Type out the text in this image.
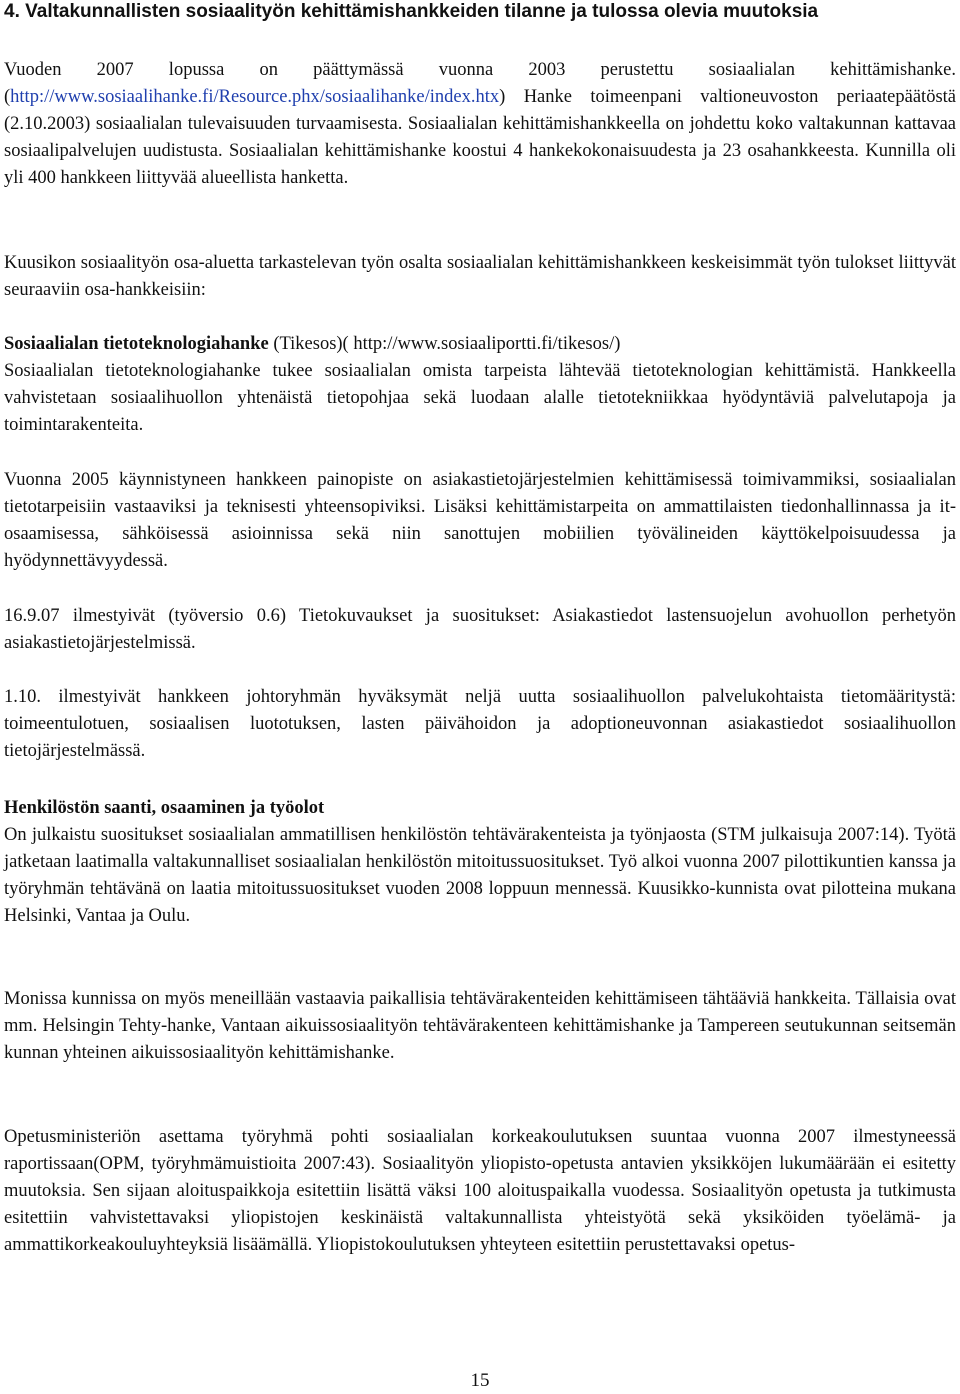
4. Valtakunnallisten sosiaalityön kehittämishankkeiden tilanne ja tulossa olevia muutoksia
Vuoden 2007 lopussa on päättymässä vuonna 2003 perustettu sosiaalialan kehittämishanke. (http://www.sosiaalihanke.fi/Resource.phx/sosiaalihanke/index.htx) Hanke toimeenpani valtioneuvoston periaatepäätöstä (2.10.2003) sosiaalialan tulevaisuuden turvaamisesta. Sosiaalialan kehittämishankkeella on johdettu koko valtakunnan kattavaa sosiaalipalvelujen uudistusta. Sosiaalialan kehittämishanke koostui 4 hankekokonaisuudesta ja 23 osahankkeesta. Kunnilla oli yli 400 hankkeen liittyvää alueellista hanketta.
Kuusikon sosiaalityön osa-aluetta tarkastelevan työn osalta sosiaalialan kehittämishankkeen keskeisimmät työn tulokset liittyvät seuraaviin osa-hankkeisiin:
Sosiaalialan tietoteknologiahanke (Tikesos)( http://www.sosiaaliportti.fi/tikesos/)
Sosiaalialan tietoteknologiahanke tukee sosiaalialan omista tarpeista lähtevää tietoteknologian kehittämistä. Hankkeella vahvistetaan sosiaalihuollon yhtenäistä tietopohjaa sekä luodaan alalle tietotekniikkaa hyödyntäviä palvelutapoja ja toimintarakenteita.
Vuonna 2005 käynnistyneen hankkeen painopiste on asiakastietojärjestelmien kehittämisessä toimivammiksi, sosiaalialan tietotarpeisiin vastaaviksi ja teknisesti yhteensopiviksi. Lisäksi kehittämistarpeita on ammattilaisten tiedonhallinnassa ja it-osaamisessa, sähköisessä asioinnissa sekä niin sanottujen mobiilien työvälineiden käyttökelpoisuudessa ja hyödynnettävyydessä.
16.9.07 ilmestyivät (työversio 0.6) Tietokuvaukset ja suositukset: Asiakastiedot lastensuojelun avohuollon perhetyön asiakastietojärjestelmissä.
1.10. ilmestyivät hankkeen johtoryhmän hyväksymät neljä uutta sosiaalihuollon palvelukohtaista tietomääritystä: toimeentulotuen, sosiaalisen luototuksen, lasten päivähoidon ja adoptioneuvonnan asiakastiedot sosiaalihuollon tietojärjestelmässä.
Henkilöstön saanti, osaaminen ja työolot
On julkaistu suositukset sosiaalialan ammatillisen henkilöstön tehtävärakenteista ja työnjaosta (STM julkaisuja 2007:14). Työtä jatketaan laatimalla valtakunnalliset sosiaalialan henkilöstön mitoitussuositukset. Työ alkoi vuonna 2007 pilottikuntien kanssa ja työryhmän tehtävänä on laatia mitoitussuositukset vuoden 2008 loppuun mennessä. Kuusikko-kunnista ovat pilotteina mukana Helsinki, Vantaa ja Oulu.
Monissa kunnissa on myös meneillään vastaavia paikallisia tehtävärakenteiden kehittämiseen tähtääviä hankkeita. Tällaisia ovat mm. Helsingin Tehty-hanke, Vantaan aikuissosiaalityön tehtävärakenteen kehittämishanke ja Tampereen seutukunnan seitsemän kunnan yhteinen aikuissosiaalityön kehittämishanke.
Opetusministeriön asettama työryhmä pohti sosiaalialan korkeakoulutuksen suuntaa vuonna 2007 ilmestyneessä raportissaan(OPM, työryhmämuistioita 2007:43). Sosiaalityön yliopisto-opetusta antavien yksikköjen lukumäärään ei esitetty muutoksia. Sen sijaan aloituspaikkoja esitettiin lisättä väksi 100 aloituspaikalla vuodessa. Sosiaalityön opetusta ja tutkimusta esitettiin vahvistettavaksi yliopistojen keskinäistä valtakunnallista yhteistyötä sekä yksiköiden työelämä- ja ammattikorkeakouluyhteyksiä lisäämällä. Yliopistokoulutuksen yhteyteen esitettiin perustettavaksi opetus-
15
